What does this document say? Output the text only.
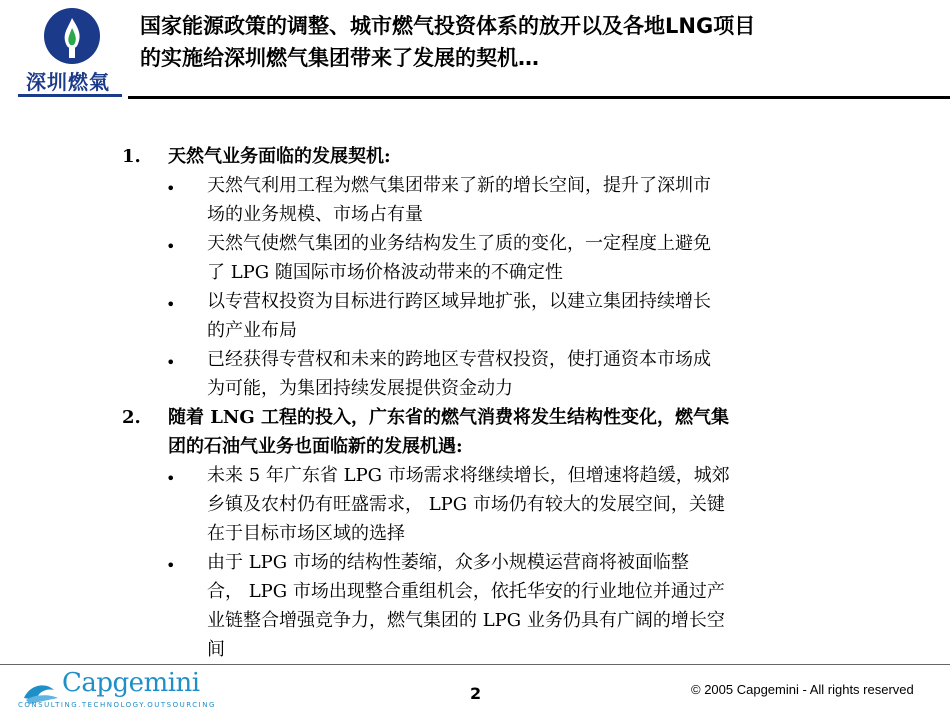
深圳燃氣
国家能源政策的调整、城市燃气投资体系的放开以及各地LNG项目
的实施给深圳燃气集团带来了发展的契机…
1. 天然气业务面临的发展契机:
• 天然气利用工程为燃气集团带来了新的增长空间，提升了深圳市
场的业务规模、市场占有量
• 天然气使燃气集团的业务结构发生了质的变化，一定程度上避免
了 LPG 随国际市场价格波动带来的不确定性
• 以专营权投资为目标进行跨区域异地扩张，以建立集团持续增长
的产业布局
• 已经获得专营权和未来的跨地区专营权投资，使打通资本市场成
为可能，为集团持续发展提供资金动力
2. 随着 LNG 工程的投入，广东省的燃气消费将发生结构性变化，燃气集
团的石油气业务也面临新的发展机遇:
• 未来 5 年广东省 LPG 市场需求将继续增长，但增速将趋缓，城郊
乡镇及农村仍有旺盛需求， LPG 市场仍有较大的发展空间，关键
在于目标市场区域的选择
• 由于 LPG 市场的结构性萎缩，众多小规模运营商将被面临整
合， LPG 市场出现整合重组机会，依托华安的行业地位并通过产
业链整合增强竞争力，燃气集团的 LPG 业务仍具有广阔的增长空
间
Capgemini
CONSULTING.TECHNOLOGY.OUTSOURCING
2	© 2005 Capgemini - All rights reserved
